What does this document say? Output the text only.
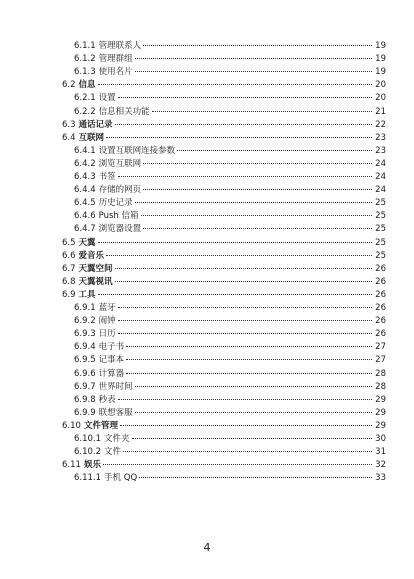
6.1.1 管理联系人	19
6.1.2 管理群组	19
6.1.3 使用名片	19
6.2 信息	20
6.2.1 设置	20
6.2.2 信息相关功能	21
6.3 通话记录	22
6.4 互联网	23
6.4.1 设置互联网连接参数	23
6.4.2 浏览互联网	24
6.4.3 书签	24
6.4.4 存储的网页	24
6.4.5 历史记录	25
6.4.6 Push 信箱	25
6.4.7 浏览器设置	25
6.5 天翼	25
6.6 爱音乐	25
6.7 天翼空间	26
6.8 天翼视讯	26
6.9 工具	26
6.9.1 蓝牙	26
6.9.2 闹钟	26
6.9.3 日历	26
6.9.4 电子书	27
6.9.5 记事本	27
6.9.6 计算器	28
6.9.7 世界时间	28
6.9.8 秒表	29
6.9.9 联想客服	29
6.10 文件管理	29
6.10.1 文件夹	30
6.10.2 文件	31
6.11 娱乐	32
6.11.1 手机 QQ	33
4
